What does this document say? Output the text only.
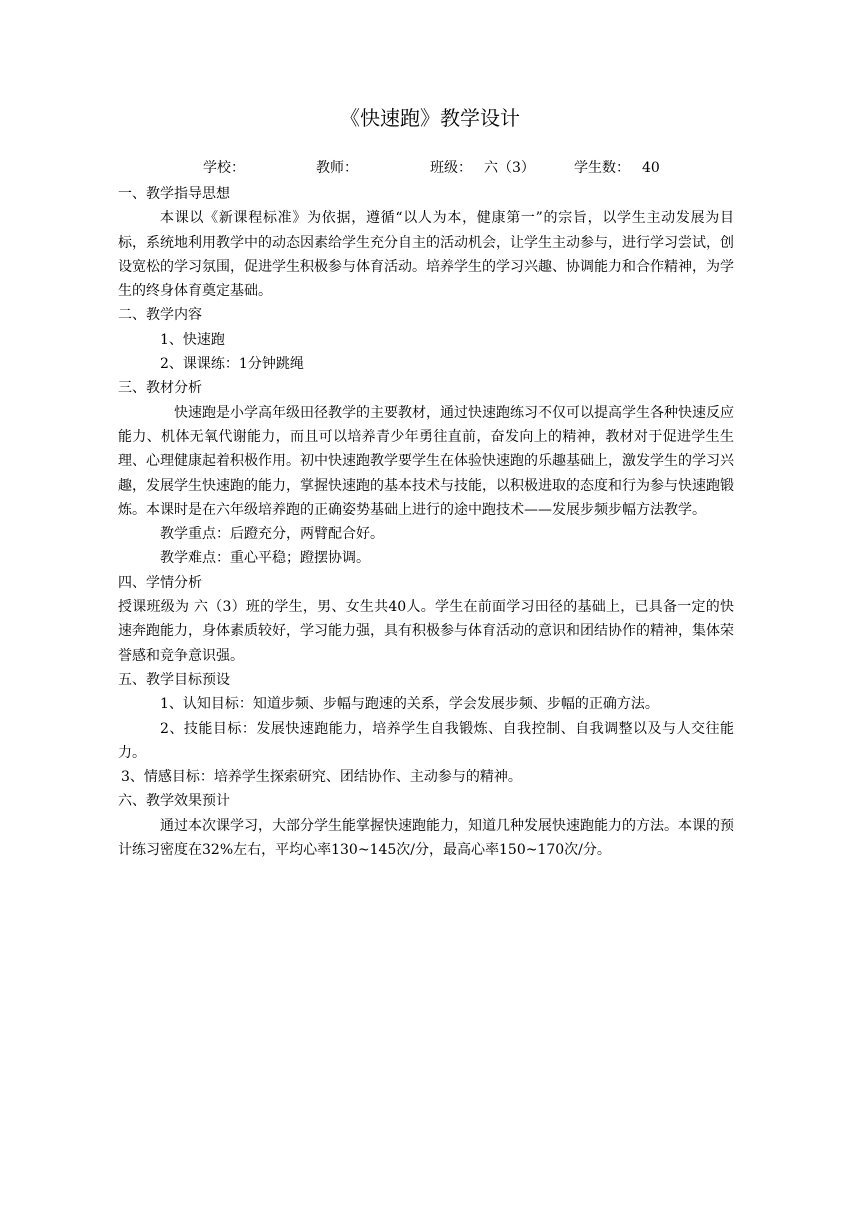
《快速跑》教学设计
学校：	教师：	班级： 六（3）	学生数： 40

一、教学指导思想

本课以《新课程标准》为依据，遵循“以人为本，健康第一”的宗旨，以学生主动发展为目标，系统地利用教学中的动态因素给学生充分自主的活动机会，让学生主动参与，进行学习尝试，创设宽松的学习氛围，促进学生积极参与体育活动。培养学生的学习兴趣、协调能力和合作精神，为学生的终身体育奠定基础。

二、教学内容

1、快速跑

2、课课练：1分钟跳绳

三、教材分析

快速跑是小学高年级田径教学的主要教材，通过快速跑练习不仅可以提高学生各种快速反应能力、机体无氧代谢能力，而且可以培养青少年勇往直前，奋发向上的精神，教材对于促进学生生理、心理健康起着积极作用。初中快速跑教学要学生在体验快速跑的乐趣基础上，激发学生的学习兴趣，发展学生快速跑的能力，掌握快速跑的基本技术与技能，以积极进取的态度和行为参与快速跑锻炼。本课时是在六年级培养跑的正确姿势基础上进行的途中跑技术——发展步频步幅方法教学。

教学重点：后蹬充分，两臂配合好。

教学难点：重心平稳；蹬摆协调。

四、学情分析

授课班级为 六（3）班的学生，男、女生共40人。学生在前面学习田径的基础上，已具备一定的快速奔跑能力，身体素质较好，学习能力强，具有积极参与体育活动的意识和团结协作的精神，集体荣誉感和竞争意识强。

五、教学目标预设

1、认知目标：知道步频、步幅与跑速的关系，学会发展步频、步幅的正确方法。

2、技能目标：发展快速跑能力，培养学生自我锻炼、自我控制、自我调整以及与人交往能力。

3、情感目标：培养学生探索研究、团结协作、主动参与的精神。

六、教学效果预计

通过本次课学习，大部分学生能掌握快速跑能力，知道几种发展快速跑能力的方法。本课的预计练习密度在32%左右，平均心率130~145次/分，最高心率150~170次/分。
